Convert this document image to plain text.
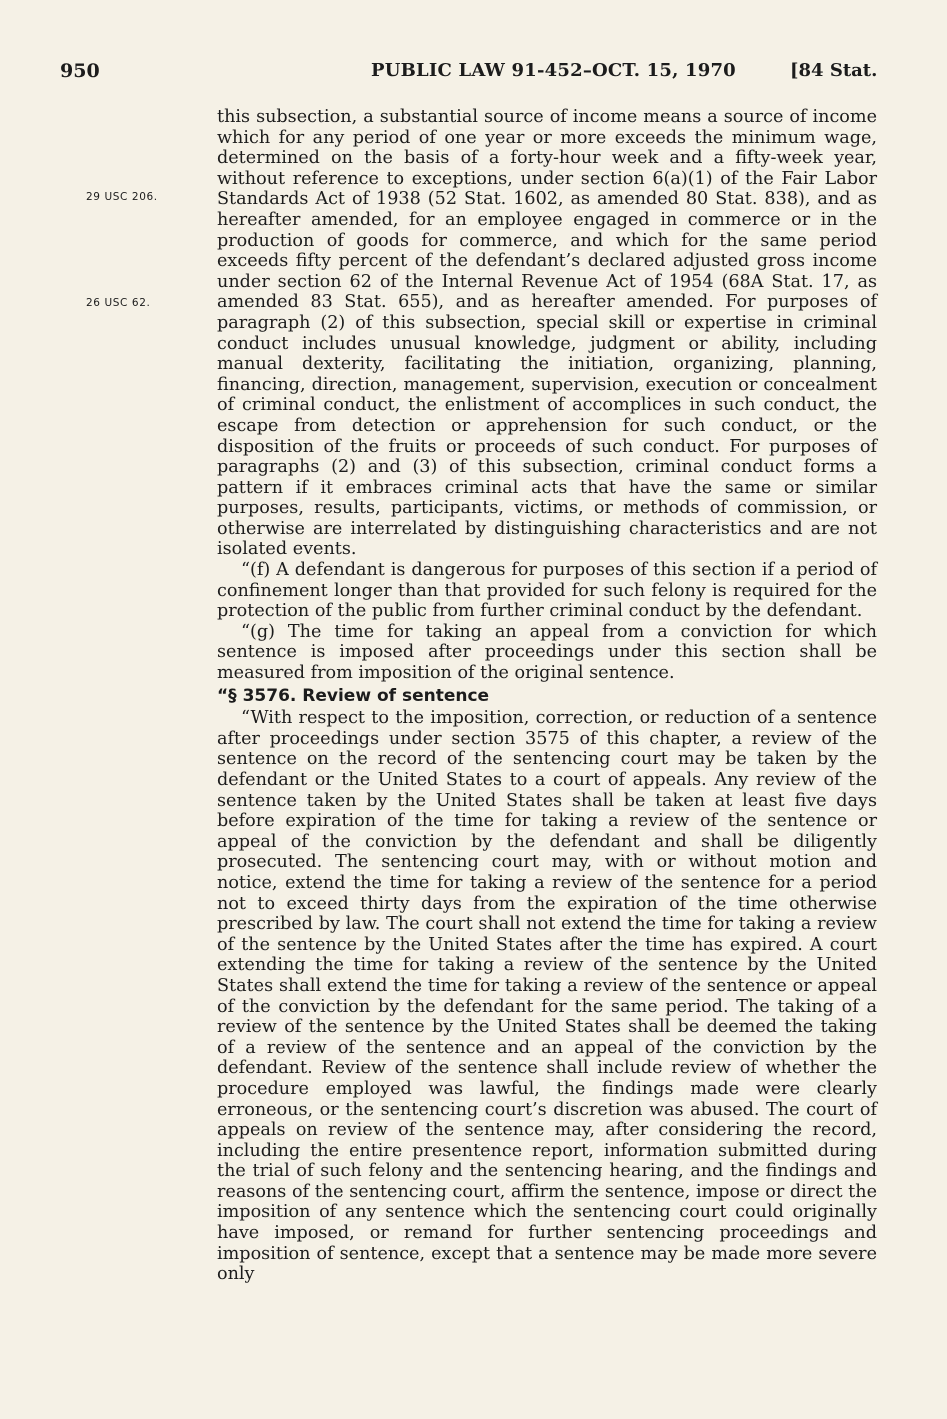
950	PUBLIC LAW 91-452–OCT. 15, 1970	[84 Stat.
29 USC 206.
26 USC 62.

this subsection, a substantial source of income means a source of income which for any period of one year or more exceeds the minimum wage, determined on the basis of a forty-hour week and a fifty-week year, without reference to exceptions, under section 6(a)(1) of the Fair Labor Standards Act of 1938 (52 Stat. 1602, as amended 80 Stat. 838), and as hereafter amended, for an employee engaged in commerce or in the production of goods for commerce, and which for the same period exceeds fifty percent of the defendant’s declared adjusted gross income under section 62 of the Internal Revenue Act of 1954 (68A Stat. 17, as amended 83 Stat. 655), and as hereafter amended. For purposes of paragraph (2) of this subsection, special skill or expertise in criminal conduct includes unusual knowledge, judgment or ability, including manual dexterity, facilitating the initiation, organizing, planning, financing, direction, management, supervision, execution or concealment of criminal conduct, the enlistment of accomplices in such conduct, the escape from detection or apprehension for such conduct, or the disposition of the fruits or proceeds of such conduct. For purposes of paragraphs (2) and (3) of this subsection, criminal conduct forms a pattern if it embraces criminal acts that have the same or similar purposes, results, participants, victims, or methods of commission, or otherwise are interrelated by distinguishing characteristics and are not isolated events.

“(f) A defendant is dangerous for purposes of this section if a period of confinement longer than that provided for such felony is required for the protection of the public from further criminal conduct by the defendant.

“(g) The time for taking an appeal from a conviction for which sentence is imposed after proceedings under this section shall be measured from imposition of the original sentence.

“§ 3576. Review of sentence

“With respect to the imposition, correction, or reduction of a sentence after proceedings under section 3575 of this chapter, a review of the sentence on the record of the sentencing court may be taken by the defendant or the United States to a court of appeals. Any review of the sentence taken by the United States shall be taken at least five days before expiration of the time for taking a review of the sentence or appeal of the conviction by the defendant and shall be diligently prosecuted. The sentencing court may, with or without motion and notice, extend the time for taking a review of the sentence for a period not to exceed thirty days from the expiration of the time otherwise prescribed by law. The court shall not extend the time for taking a review of the sentence by the United States after the time has expired. A court extending the time for taking a review of the sentence by the United States shall extend the time for taking a review of the sentence or appeal of the conviction by the defendant for the same period. The taking of a review of the sentence by the United States shall be deemed the taking of a review of the sentence and an appeal of the conviction by the defendant. Review of the sentence shall include review of whether the procedure employed was lawful, the findings made were clearly erroneous, or the sentencing court’s discretion was abused. The court of appeals on review of the sentence may, after considering the record, including the entire presentence report, information submitted during the trial of such felony and the sentencing hearing, and the findings and reasons of the sentencing court, affirm the sentence, impose or direct the imposition of any sentence which the sentencing court could originally have imposed, or remand for further sentencing proceedings and imposition of sentence, except that a sentence may be made more severe only
